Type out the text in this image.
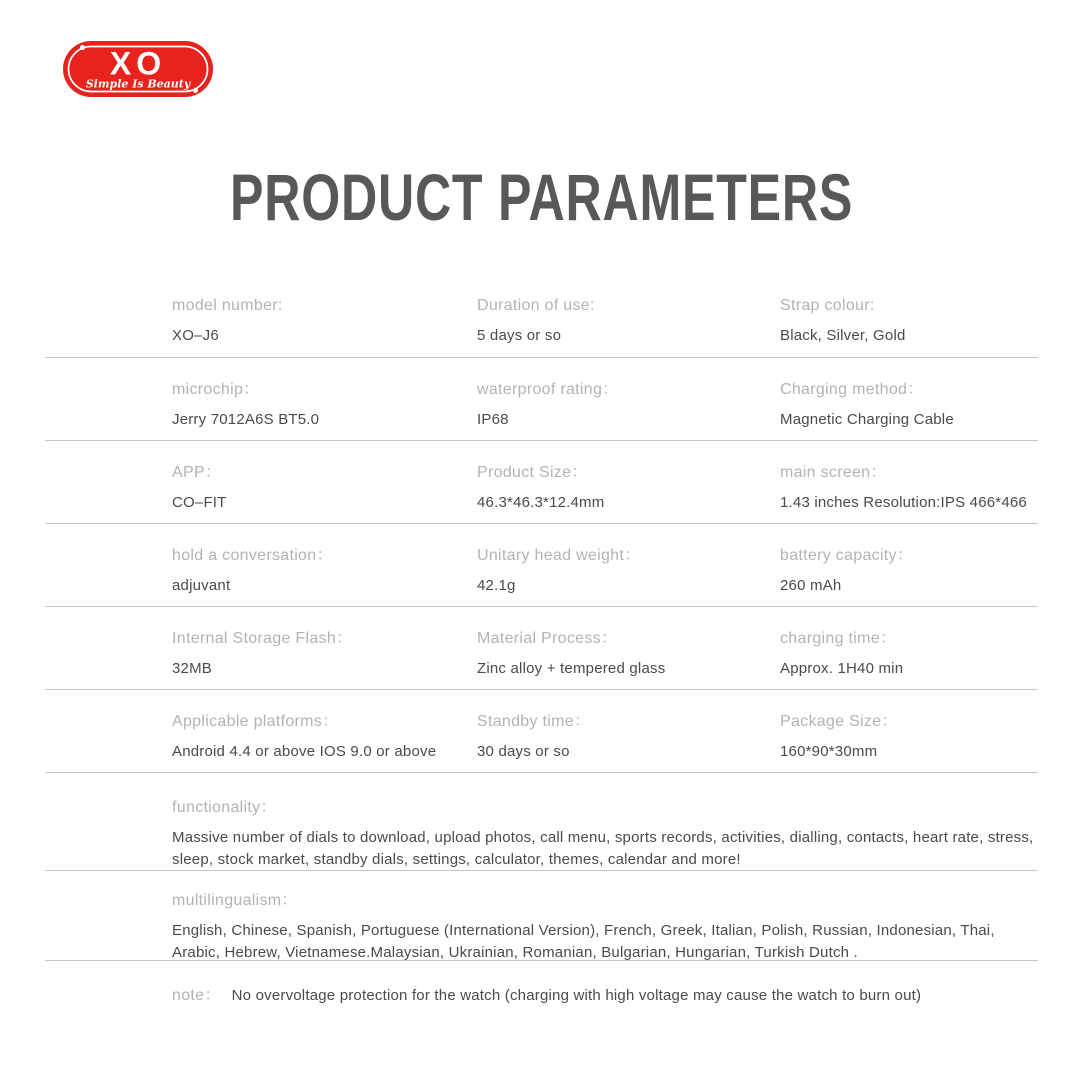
XO
Simple Is Beauty
PRODUCT PARAMETERS
model number:
XO–J6
Duration of use:
5 days or so
Strap colour:
Black, Silver, Gold
microchip：
Jerry 7012A6S BT5.0
waterproof rating：
IP68
Charging method：
Magnetic Charging Cable
APP：
CO–FIT
Product Size：
46.3*46.3*12.4mm
main screen：
1.43 inches Resolution:IPS 466*466
hold a conversation：
adjuvant
Unitary head weight：
42.1g
battery capacity：
260 mAh
Internal Storage Flash：
32MB
Material Process：
Zinc alloy + tempered glass
charging time：
Approx. 1H40 min
Applicable platforms：
Android 4.4 or above IOS 9.0 or above
Standby time：
30 days or so
Package Size：
160*90*30mm
functionality：
Massive number of dials to download, upload photos, call menu, sports records, activities, dialling, contacts, heart rate, stress, sleep, stock market, standby dials, settings, calculator, themes, calendar and more!
multilingualism：
English, Chinese, Spanish, Portuguese (International Version), French, Greek, Italian, Polish, Russian, Indonesian, Thai, Arabic, Hebrew, Vietnamese.Malaysian, Ukrainian, Romanian, Bulgarian, Hungarian, Turkish Dutch .
note： No overvoltage protection for the watch (charging with high voltage may cause the watch to burn out)
